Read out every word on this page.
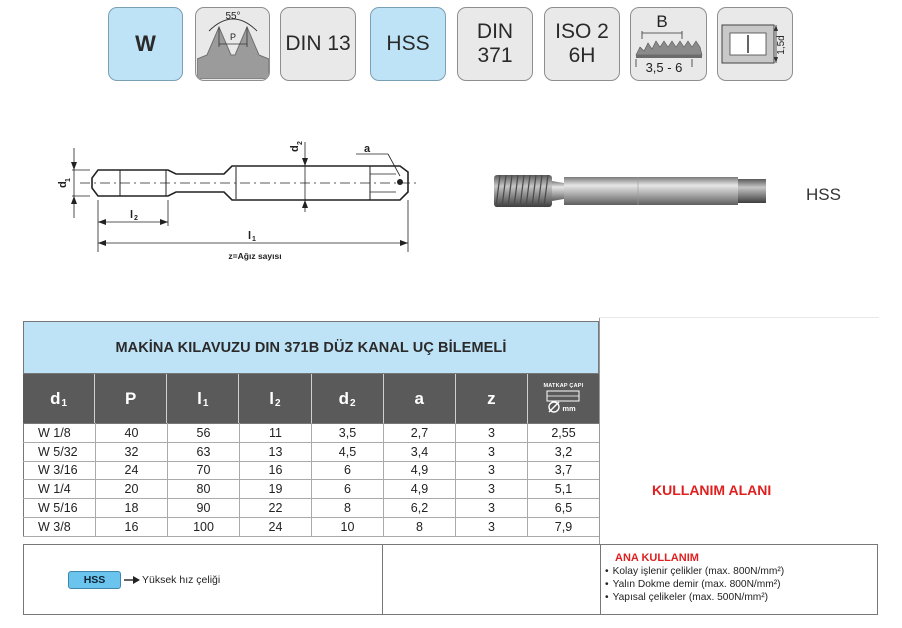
W
55°
P DIN 13 HSS
DIN
371
ISO 2
6H
B
3,5 - 6
1,5d
d
1
d
2	a
l 2
l 1
z=Ağız sayısı
HSS
MAKİNA KILAVUZU DIN 371B DÜZ KANAL UÇ BİLEMELİ
$d_1$	P	$l_1$	$l_2$	$d_2$	a	z
MATKAP ÇAPI
mm
W 1/8	40	56	11	3,5	2,7	3	2,55
W 5/32	32	63	13	4,5	3,4	3	3,2
W 3/16	24	70	16	6	4,9	3	3,7
W 1/4	20	80	19	6	4,9	3	5,1
W 5/16	18	90	22	8	6,2	3	6,5
W 3/8	16	100	24	10	8	3	7,9
KULLANIM ALANI
HSS	Yüksek hız çeliği
ANA KULLANIM
• Kolay işlenir çelikler (max. 800N/mm²)
• Yalın Dokme demir (max. 800N/mm²)
• Yapısal çelikeler (max. 500N/mm²)
